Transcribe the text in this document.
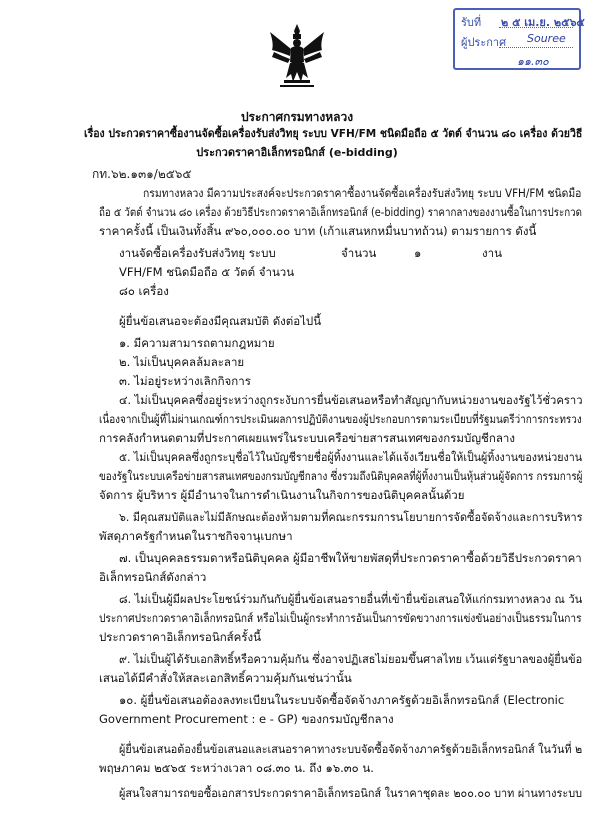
รับที่ ๒ ๕ เม.ย. ๒๕๖๕
ผู้ประกาศ Souree
๑๑.๓๐
ประกาศกรมทางหลวง
เรื่อง ประกวดราคาซื้องานจัดซื้อเครื่องรับส่งวิทยุ ระบบ VFH/FM ชนิดมือถือ ๕ วัตต์ จำนวน ๘๐ เครื่อง ด้วยวิธี
ประกวดราคาอิเล็กทรอนิกส์ (e-bidding)
กท.๖๒.๑๓๑/๒๕๖๕
กรมทางหลวง มีความประสงค์จะประกวดราคาซื้องานจัดซื้อเครื่องรับส่งวิทยุ ระบบ VFH/FM ชนิดมือ
ถือ ๕ วัตต์ จำนวน ๘๐ เครื่อง ด้วยวิธีประกวดราคาอิเล็กทรอนิกส์ (e-bidding) ราคากลางของงานซื้อในการประกวด
ราคาครั้งนี้ เป็นเงินทั้งสิ้น ๙๖๐,๐๐๐.๐๐ บาท (เก้าแสนหกหมื่นบาทถ้วน) ตามรายการ ดังนี้
งานจัดซื้อเครื่องรับส่งวิทยุ ระบบ	จำนวน	๑	งาน
VFH/FM ชนิดมือถือ ๕ วัตต์ จำนวน
๘๐ เครื่อง
ผู้ยื่นข้อเสนอจะต้องมีคุณสมบัติ ดังต่อไปนี้
๑. มีความสามารถตามกฎหมาย
๒. ไม่เป็นบุคคลล้มละลาย
๓. ไม่อยู่ระหว่างเลิกกิจการ
๔. ไม่เป็นบุคคลซึ่งอยู่ระหว่างถูกระงับการยื่นข้อเสนอหรือทำสัญญากับหน่วยงานของรัฐไว้ชั่วคราว
เนื่องจากเป็นผู้ที่ไม่ผ่านเกณฑ์การประเมินผลการปฏิบัติงานของผู้ประกอบการตามระเบียบที่รัฐมนตรีว่าการกระทรวง
การคลังกำหนดตามที่ประกาศเผยแพร่ในระบบเครือข่ายสารสนเทศของกรมบัญชีกลาง
๕. ไม่เป็นบุคคลซึ่งถูกระบุชื่อไว้ในบัญชีรายชื่อผู้ทิ้งงานและได้แจ้งเวียนชื่อให้เป็นผู้ทิ้งงานของหน่วยงาน
ของรัฐในระบบเครือข่ายสารสนเทศของกรมบัญชีกลาง ซึ่งรวมถึงนิติบุคคลที่ผู้ทิ้งงานเป็นหุ้นส่วนผู้จัดการ กรรมการผู้
จัดการ ผู้บริหาร ผู้มีอำนาจในการดำเนินงานในกิจการของนิติบุคคลนั้นด้วย
๖. มีคุณสมบัติและไม่มีลักษณะต้องห้ามตามที่คณะกรรมการนโยบายการจัดซื้อจัดจ้างและการบริหาร
พัสดุภาครัฐกำหนดในราชกิจจานุเบกษา
๗. เป็นบุคคลธรรมดาหรือนิติบุคคล ผู้มีอาชีพให้ขายพัสดุที่ประกวดราคาซื้อด้วยวิธีประกวดราคา
อิเล็กทรอนิกส์ดังกล่าว
๘. ไม่เป็นผู้มีผลประโยชน์ร่วมกันกับผู้ยื่นข้อเสนอรายอื่นที่เข้ายื่นข้อเสนอให้แก่กรมทางหลวง ณ วัน
ประกาศประกวดราคาอิเล็กทรอนิกส์ หรือไม่เป็นผู้กระทำการอันเป็นการขัดขวางการแข่งขันอย่างเป็นธรรมในการ
ประกวดราคาอิเล็กทรอนิกส์ครั้งนี้
๙. ไม่เป็นผู้ได้รับเอกสิทธิ์หรือความคุ้มกัน ซึ่งอาจปฏิเสธไม่ยอมขึ้นศาลไทย เว้นแต่รัฐบาลของผู้ยื่นข้อ
เสนอได้มีคำสั่งให้สละเอกสิทธิ์ความคุ้มกันเช่นว่านั้น
๑๐. ผู้ยื่นข้อเสนอต้องลงทะเบียนในระบบจัดซื้อจัดจ้างภาครัฐด้วยอิเล็กทรอนิกส์ (Electronic
Government Procurement : e - GP) ของกรมบัญชีกลาง
ผู้ยื่นข้อเสนอต้องยื่นข้อเสนอและเสนอราคาทางระบบจัดซื้อจัดจ้างภาครัฐด้วยอิเล็กทรอนิกส์ ในวันที่ ๒
พฤษภาคม ๒๕๖๕ ระหว่างเวลา ๐๘.๓๐ น. ถึง ๑๖.๓๐ น.
ผู้สนใจสามารถขอซื้อเอกสารประกวดราคาอิเล็กทรอนิกส์ ในราคาชุดละ ๒๐๐.๐๐ บาท ผ่านทางระบบ
